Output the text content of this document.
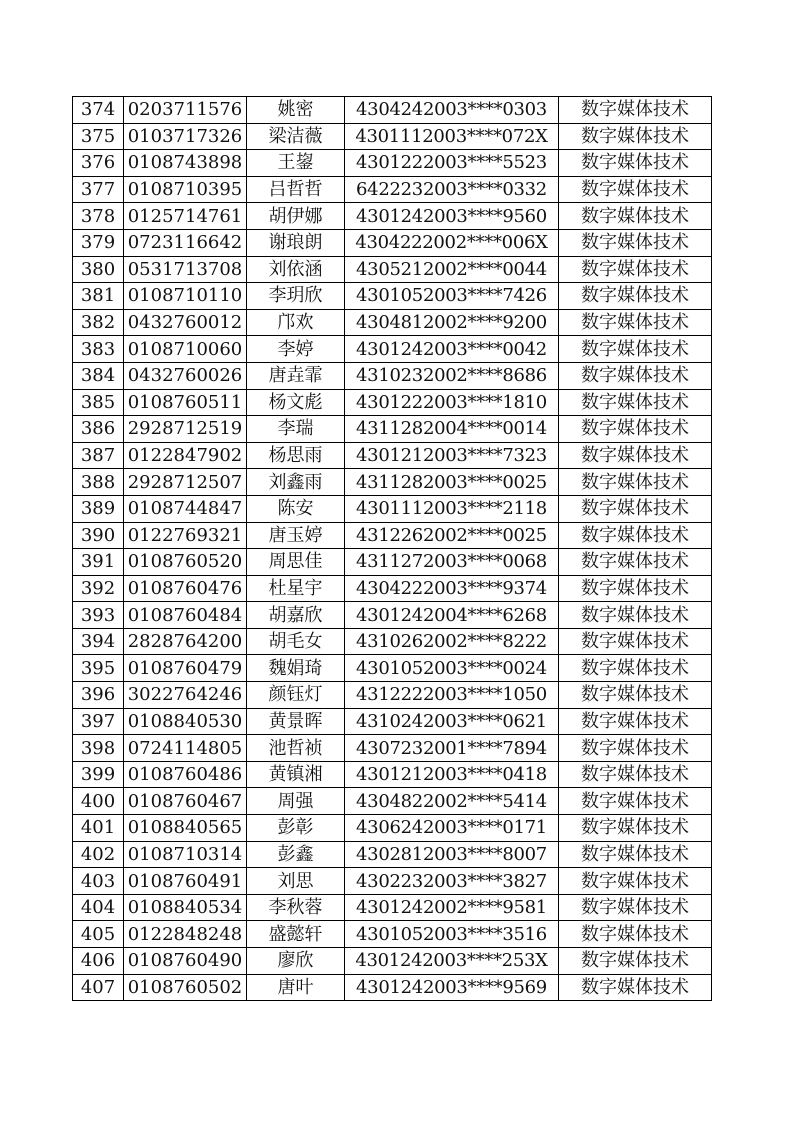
374	0203711576	姚密	4304242003****0303	数字媒体技术
375	0103717326	梁洁薇	4301112003****072X	数字媒体技术
376	0108743898	王鋆	4301222003****5523	数字媒体技术
377	0108710395	吕哲哲	6422232003****0332	数字媒体技术
378	0125714761	胡伊娜	4301242003****9560	数字媒体技术
379	0723116642	谢琅朗	4304222002****006X	数字媒体技术
380	0531713708	刘依涵	4305212002****0044	数字媒体技术
381	0108710110	李玥欣	4301052003****7426	数字媒体技术
382	0432760012	邝欢	4304812002****9200	数字媒体技术
383	0108710060	李婷	4301242003****0042	数字媒体技术
384	0432760026	唐垚霏	4310232002****8686	数字媒体技术
385	0108760511	杨文彪	4301222003****1810	数字媒体技术
386	2928712519	李瑞	4311282004****0014	数字媒体技术
387	0122847902	杨思雨	4301212003****7323	数字媒体技术
388	2928712507	刘鑫雨	4311282003****0025	数字媒体技术
389	0108744847	陈安	4301112003****2118	数字媒体技术
390	0122769321	唐玉婷	4312262002****0025	数字媒体技术
391	0108760520	周思佳	4311272003****0068	数字媒体技术
392	0108760476	杜星宇	4304222003****9374	数字媒体技术
393	0108760484	胡嘉欣	4301242004****6268	数字媒体技术
394	2828764200	胡毛女	4310262002****8222	数字媒体技术
395	0108760479	魏娟琦	4301052003****0024	数字媒体技术
396	3022764246	颜钰灯	4312222003****1050	数字媒体技术
397	0108840530	黄景晖	4310242003****0621	数字媒体技术
398	0724114805	池哲祯	4307232001****7894	数字媒体技术
399	0108760486	黄镇湘	4301212003****0418	数字媒体技术
400	0108760467	周强	4304822002****5414	数字媒体技术
401	0108840565	彭彰	4306242003****0171	数字媒体技术
402	0108710314	彭鑫	4302812003****8007	数字媒体技术
403	0108760491	刘思	4302232003****3827	数字媒体技术
404	0108840534	李秋蓉	4301242002****9581	数字媒体技术
405	0122848248	盛懿轩	4301052003****3516	数字媒体技术
406	0108760490	廖欣	4301242003****253X	数字媒体技术
407	0108760502	唐叶	4301242003****9569	数字媒体技术
